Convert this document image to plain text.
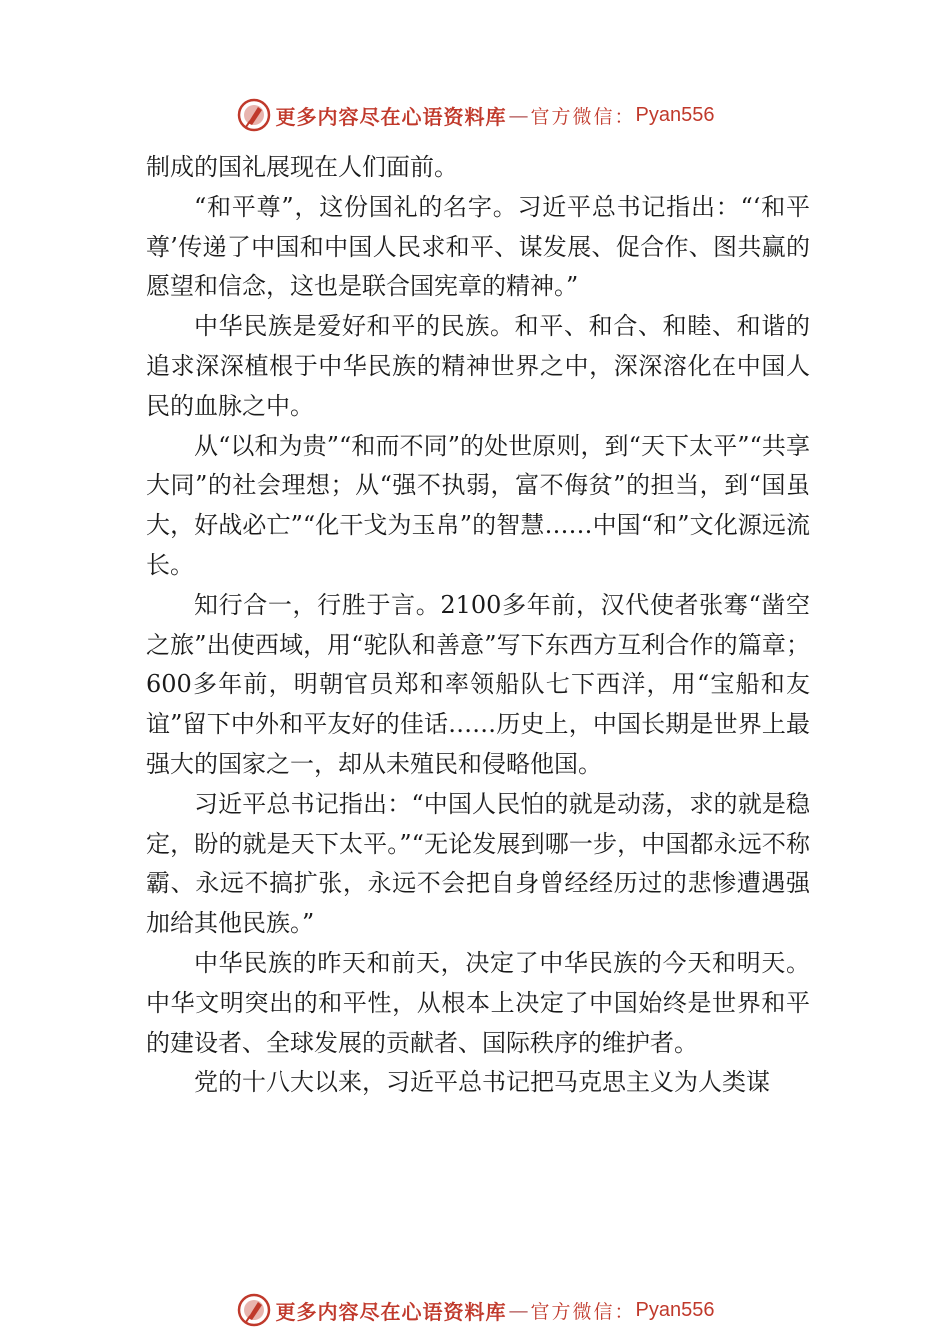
更多内容尽在心语资料库 — 官方微信： Pyan556

制成的国礼展现在人们面前。

“和平尊”，这份国礼的名字。习近平总书记指出：“‘和平尊’传递了中国和中国人民求和平、谋发展、促合作、图共赢的愿望和信念，这也是联合国宪章的精神。”

中华民族是爱好和平的民族。和平、和合、和睦、和谐的追求深深植根于中华民族的精神世界之中，深深溶化在中国人民的血脉之中。

从“以和为贵”“和而不同”的处世原则，到“天下太平”“共享大同”的社会理想；从“强不执弱，富不侮贫”的担当，到“国虽大，好战必亡”“化干戈为玉帛”的智慧……中国“和”文化源远流长。

知行合一，行胜于言。2100多年前，汉代使者张骞“凿空之旅”出使西域，用“驼队和善意”写下东西方互利合作的篇章；600多年前，明朝官员郑和率领船队七下西洋，用“宝船和友谊”留下中外和平友好的佳话……历史上，中国长期是世界上最强大的国家之一，却从未殖民和侵略他国。

习近平总书记指出：“中国人民怕的就是动荡，求的就是稳定，盼的就是天下太平。”“无论发展到哪一步，中国都永远不称霸、永远不搞扩张，永远不会把自身曾经经历过的悲惨遭遇强加给其他民族。”

中华民族的昨天和前天，决定了中华民族的今天和明天。中华文明突出的和平性，从根本上决定了中国始终是世界和平的建设者、全球发展的贡献者、国际秩序的维护者。

党的十八大以来，习近平总书记把马克思主义为人类谋

更多内容尽在心语资料库 — 官方微信： Pyan556
